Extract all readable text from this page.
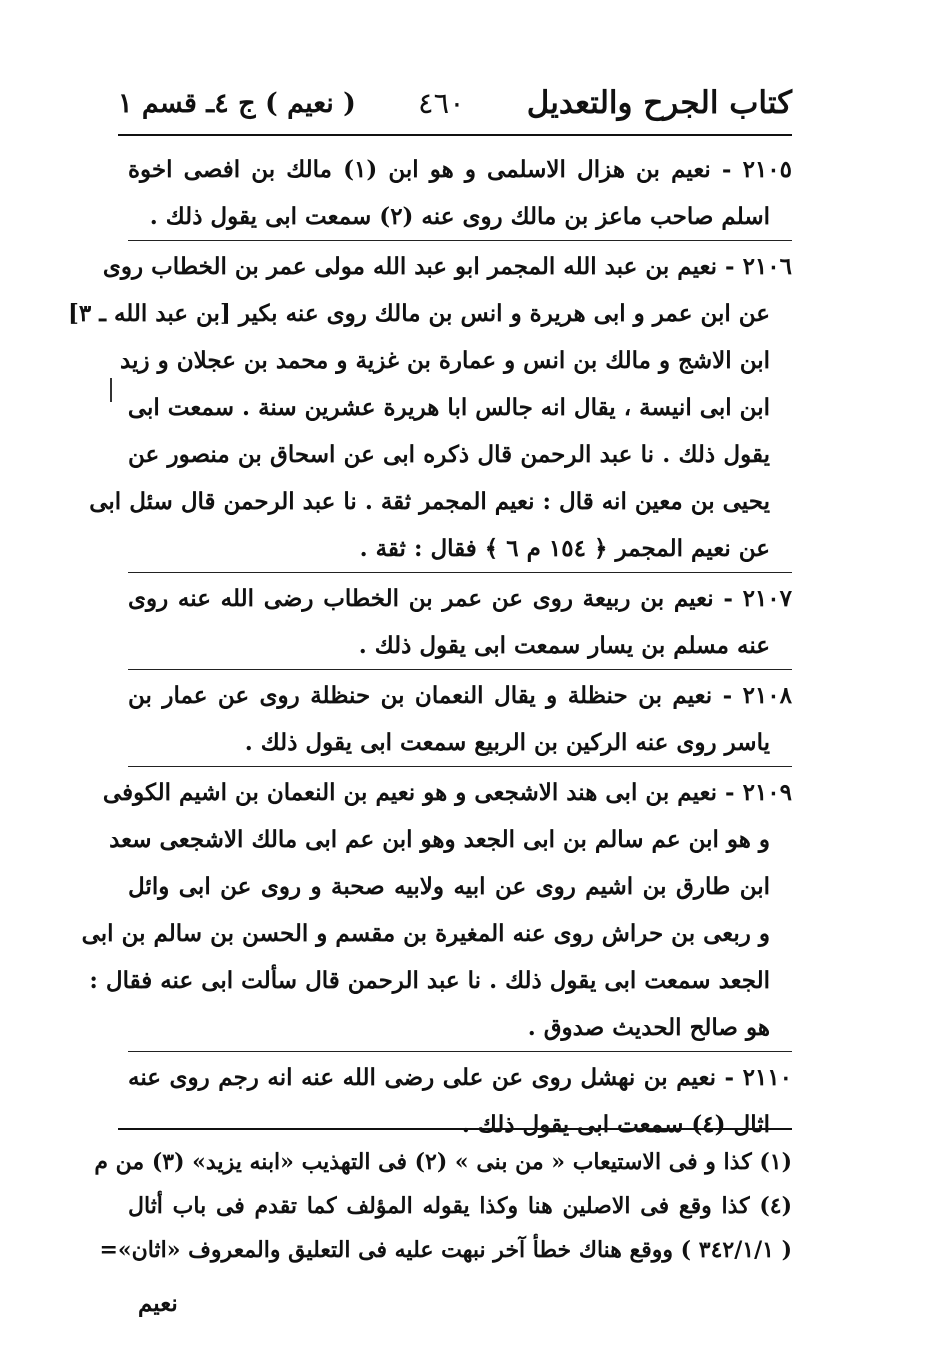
كتاب الجرح والتعديل
٤٦٠
( نعيم ) ج ٤ـ قسم ١
٢١٠٥ - نعيم بن هزال الاسلمى و هو ابن (١) مالك بن افصى اخوة
اسلم صاحب ماعز بن مالك روى عنه (٢) سمعت ابى يقول ذلك .
٢١٠٦ - نعيم بن عبد الله المجمر ابو عبد الله مولى عمر بن الخطاب روى
عن ابن عمر و ابى هريرة و انس بن مالك روى عنه بكير [بن عبد الله ـ ٣]
ابن الاشج و مالك بن انس و عمارة بن غزية و محمد بن عجلان و زيد
ابن ابى انيسة ، يقال انه جالس ابا هريرة عشرين سنة . سمعت ابى
يقول ذلك . نا عبد الرحمن قال ذكره ابى عن اسحاق بن منصور عن
يحيى بن معين انه قال : نعيم المجمر ثقة . نا عبد الرحمن قال سئل ابى
عن نعيم المجمر ﴿ ١٥٤ م ٦ ﴾ فقال : ثقة .
٢١٠٧ - نعيم بن ربيعة روى عن عمر بن الخطاب رضى الله عنه روى
عنه مسلم بن يسار سمعت ابى يقول ذلك .
٢١٠٨ - نعيم بن حنظلة و يقال النعمان بن حنظلة روى عن عمار بن
ياسر روى عنه الركين بن الربيع سمعت ابى يقول ذلك .
٢١٠٩ - نعيم بن ابى هند الاشجعى و هو نعيم بن النعمان بن اشيم الكوفى
و هو ابن عم سالم بن ابى الجعد وهو ابن عم ابى مالك الاشجعى سعد
ابن طارق بن اشيم روى عن ابيه ولابيه صحبة و روى عن ابى وائل
و ربعى بن حراش روى عنه المغيرة بن مقسم و الحسن بن سالم بن ابى
الجعد سمعت ابى يقول ذلك . نا عبد الرحمن قال سألت ابى عنه فقال :
هو صالح الحديث صدوق .
٢١١٠ - نعيم بن نهشل روى عن على رضى الله عنه انه رجم روى عنه
اثال (٤) سمعت ابى يقول ذلك .
(١) كذا و فى الاستيعاب « من بنى » (٢) فى التهذيب «ابنه يزيد» (٣) من م
(٤) كذا وقع فى الاصلين هنا وكذا يقوله المؤلف كما تقدم فى باب أثال
( ٣٤٢/١/١ ) ووقع هناك خطأ آخر نبهت عليه فى التعليق والمعروف «اثان»=
نعيم
